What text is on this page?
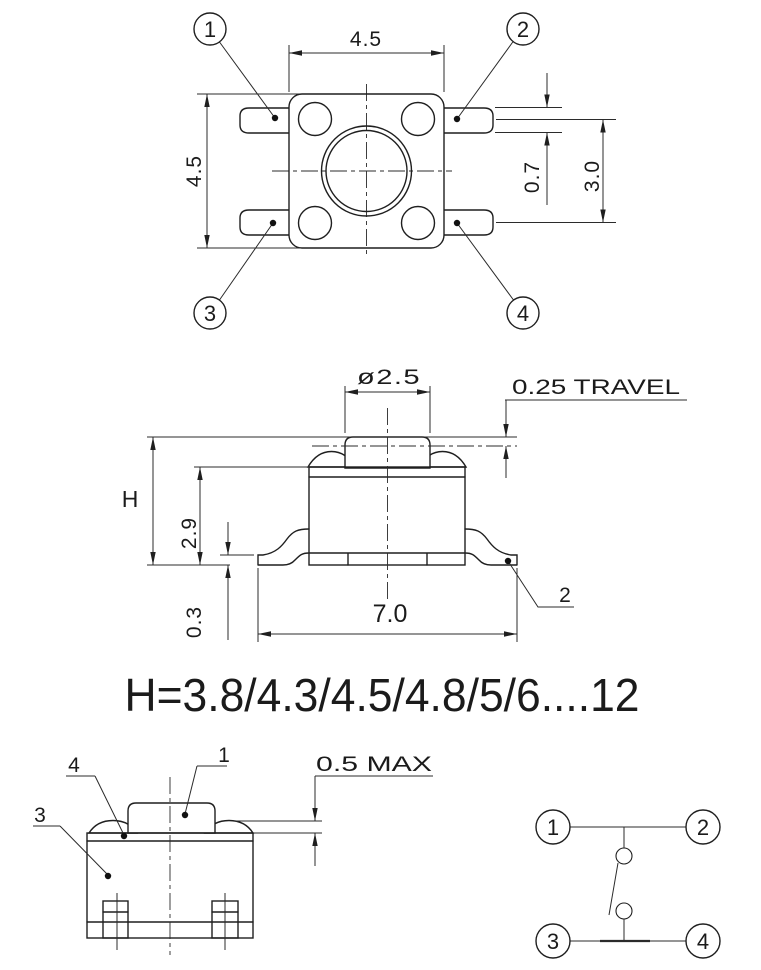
1	2
3	4
4.5
4.5	0.7 3.0
ø2.5	0.25 TRAVEL
H
2.9
0.3	7.0
2
H=3.8/4.3/4.5/4.8/5/6....12
4	1
3
0.5 MAX
1	2
3	4
